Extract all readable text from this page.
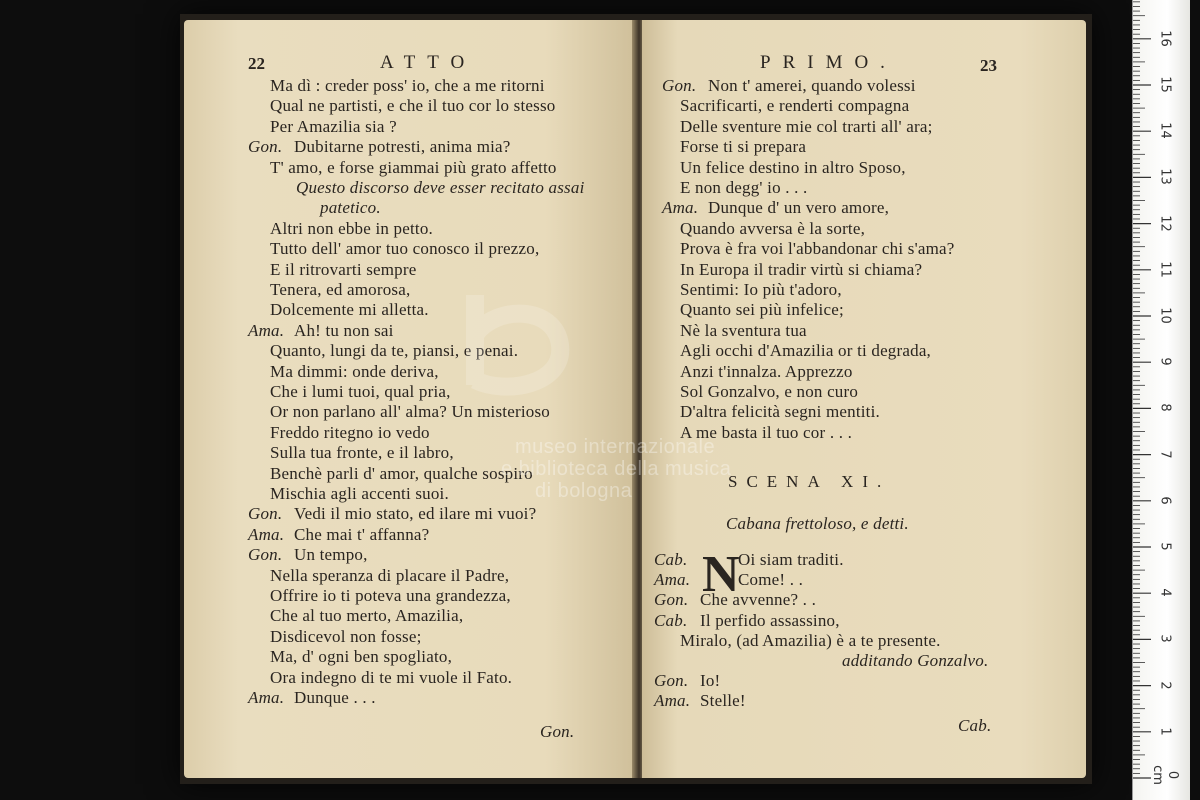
22	ATTO
Ma dì : creder poss' io, che a me ritorni
Qual ne partisti, e che il tuo cor lo stesso
Per Amazilia sia ?
Gon. Dubitarne potresti, anima mia?
T' amo, e forse giammai più grato affetto
Questo discorso deve esser recitato assai
patetico.
Altri non ebbe in petto.
Tutto dell' amor tuo conosco il prezzo,
E il ritrovarti sempre
Tenera, ed amorosa,
Dolcemente mi alletta.
Ama. Ah! tu non sai
Quanto, lungi da te, piansi, e penai.
Ma dimmi: onde deriva,
Che i lumi tuoi, qual pria,
Or non parlano all' alma? Un misterioso
Freddo ritegno io vedo
Sulla tua fronte, e il labro,
Benchè parli d' amor, qualche sospiro
Mischia agli accenti suoi.
Gon. Vedi il mio stato, ed ilare mi vuoi?
Ama. Che mai t' affanna?
Gon. Un tempo,
Nella speranza di placare il Padre,
Offrire io ti poteva una grandezza,
Che al tuo merto, Amazilia,
Disdicevol non fosse;
Ma, d' ogni ben spogliato,
Ora indegno di te mi vuole il Fato.
Ama. Dunque . . .
Gon.
PRIMO.	23
Gon. Non t' amerei, quando volessi
Sacrificarti, e renderti compagna
Delle sventure mie col trarti all' ara;
Forse ti si prepara
Un felice destino in altro Sposo,
E non degg' io . . .
Ama. Dunque d' un vero amore,
Quando avversa è la sorte,
Prova è fra voi l'abbandonar chi s'ama?
In Europa il tradir virtù si chiama?
Sentimi: Io più t'adoro,
Quanto sei più infelice;
Nè la sventura tua
Agli occhi d'Amazilia or ti degrada,
Anzi t'innalza. Apprezzo
Sol Gonzalvo, e non curo
D'altra felicità segni mentiti.
A me basta il tuo cor . . .
SCENA XI.
Cabana frettoloso, e detti.
N
Cab.	Oi siam traditi.
Ama.	Come! . .
Gon. Che avvenne? . .
Cab. Il perfido assassino,
Miralo, (ad Amazilia) è a te presente.
additando Gonzalvo.
Gon. Io!
Ama. Stelle!
Cab.
museo internazionale
e biblioteca della musica
di bologna
0 cm
1
2
3
4
5
6
7
8
9
10
11
12
13
14
15
16
